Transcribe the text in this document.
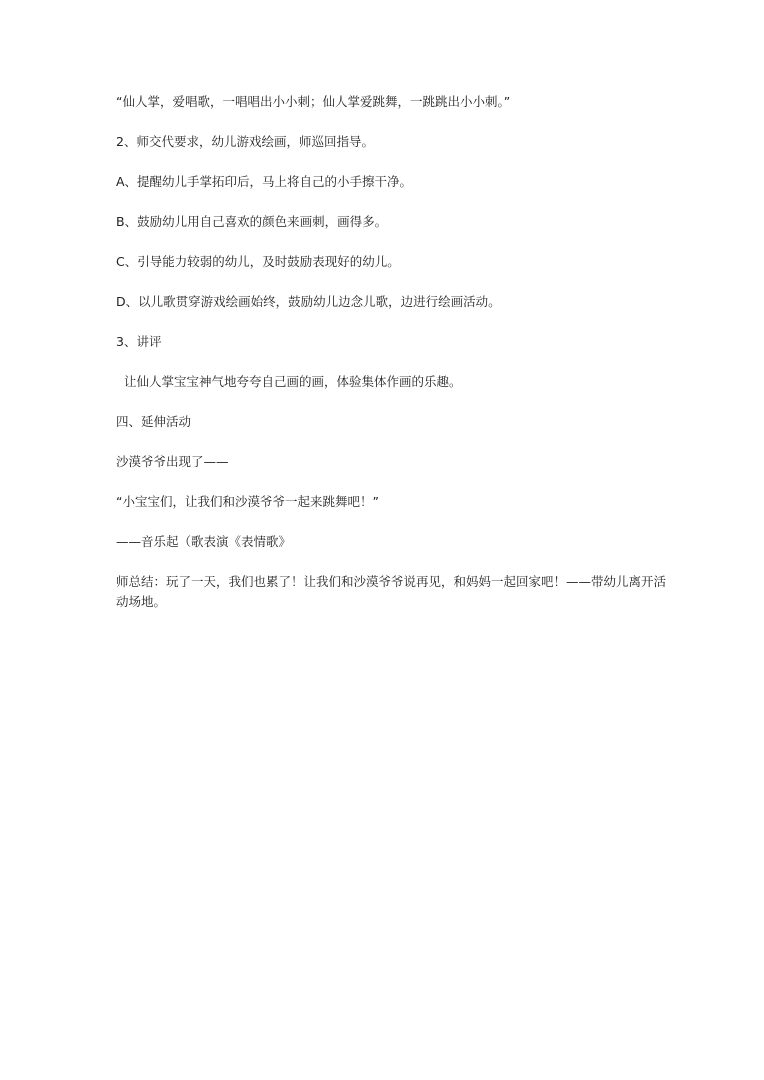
“仙人掌，爱唱歌，一唱唱出小小刺；仙人掌爱跳舞，一跳跳出小小刺。”

2、师交代要求，幼儿游戏绘画，师巡回指导。

A、提醒幼儿手掌拓印后，马上将自己的小手擦干净。

B、鼓励幼儿用自己喜欢的颜色来画刺，画得多。

C、引导能力较弱的幼儿，及时鼓励表现好的幼儿。

D、以儿歌贯穿游戏绘画始终，鼓励幼儿边念儿歌，边进行绘画活动。

3、讲评

让仙人掌宝宝神气地夸夸自己画的画，体验集体作画的乐趣。

四、延伸活动

沙漠爷爷出现了——

“小宝宝们，让我们和沙漠爷爷一起来跳舞吧！”

——音乐起（歌表演《表情歌》

师总结：玩了一天，我们也累了！让我们和沙漠爷爷说再见，和妈妈一起回家吧！——带幼儿离开活动场地。
